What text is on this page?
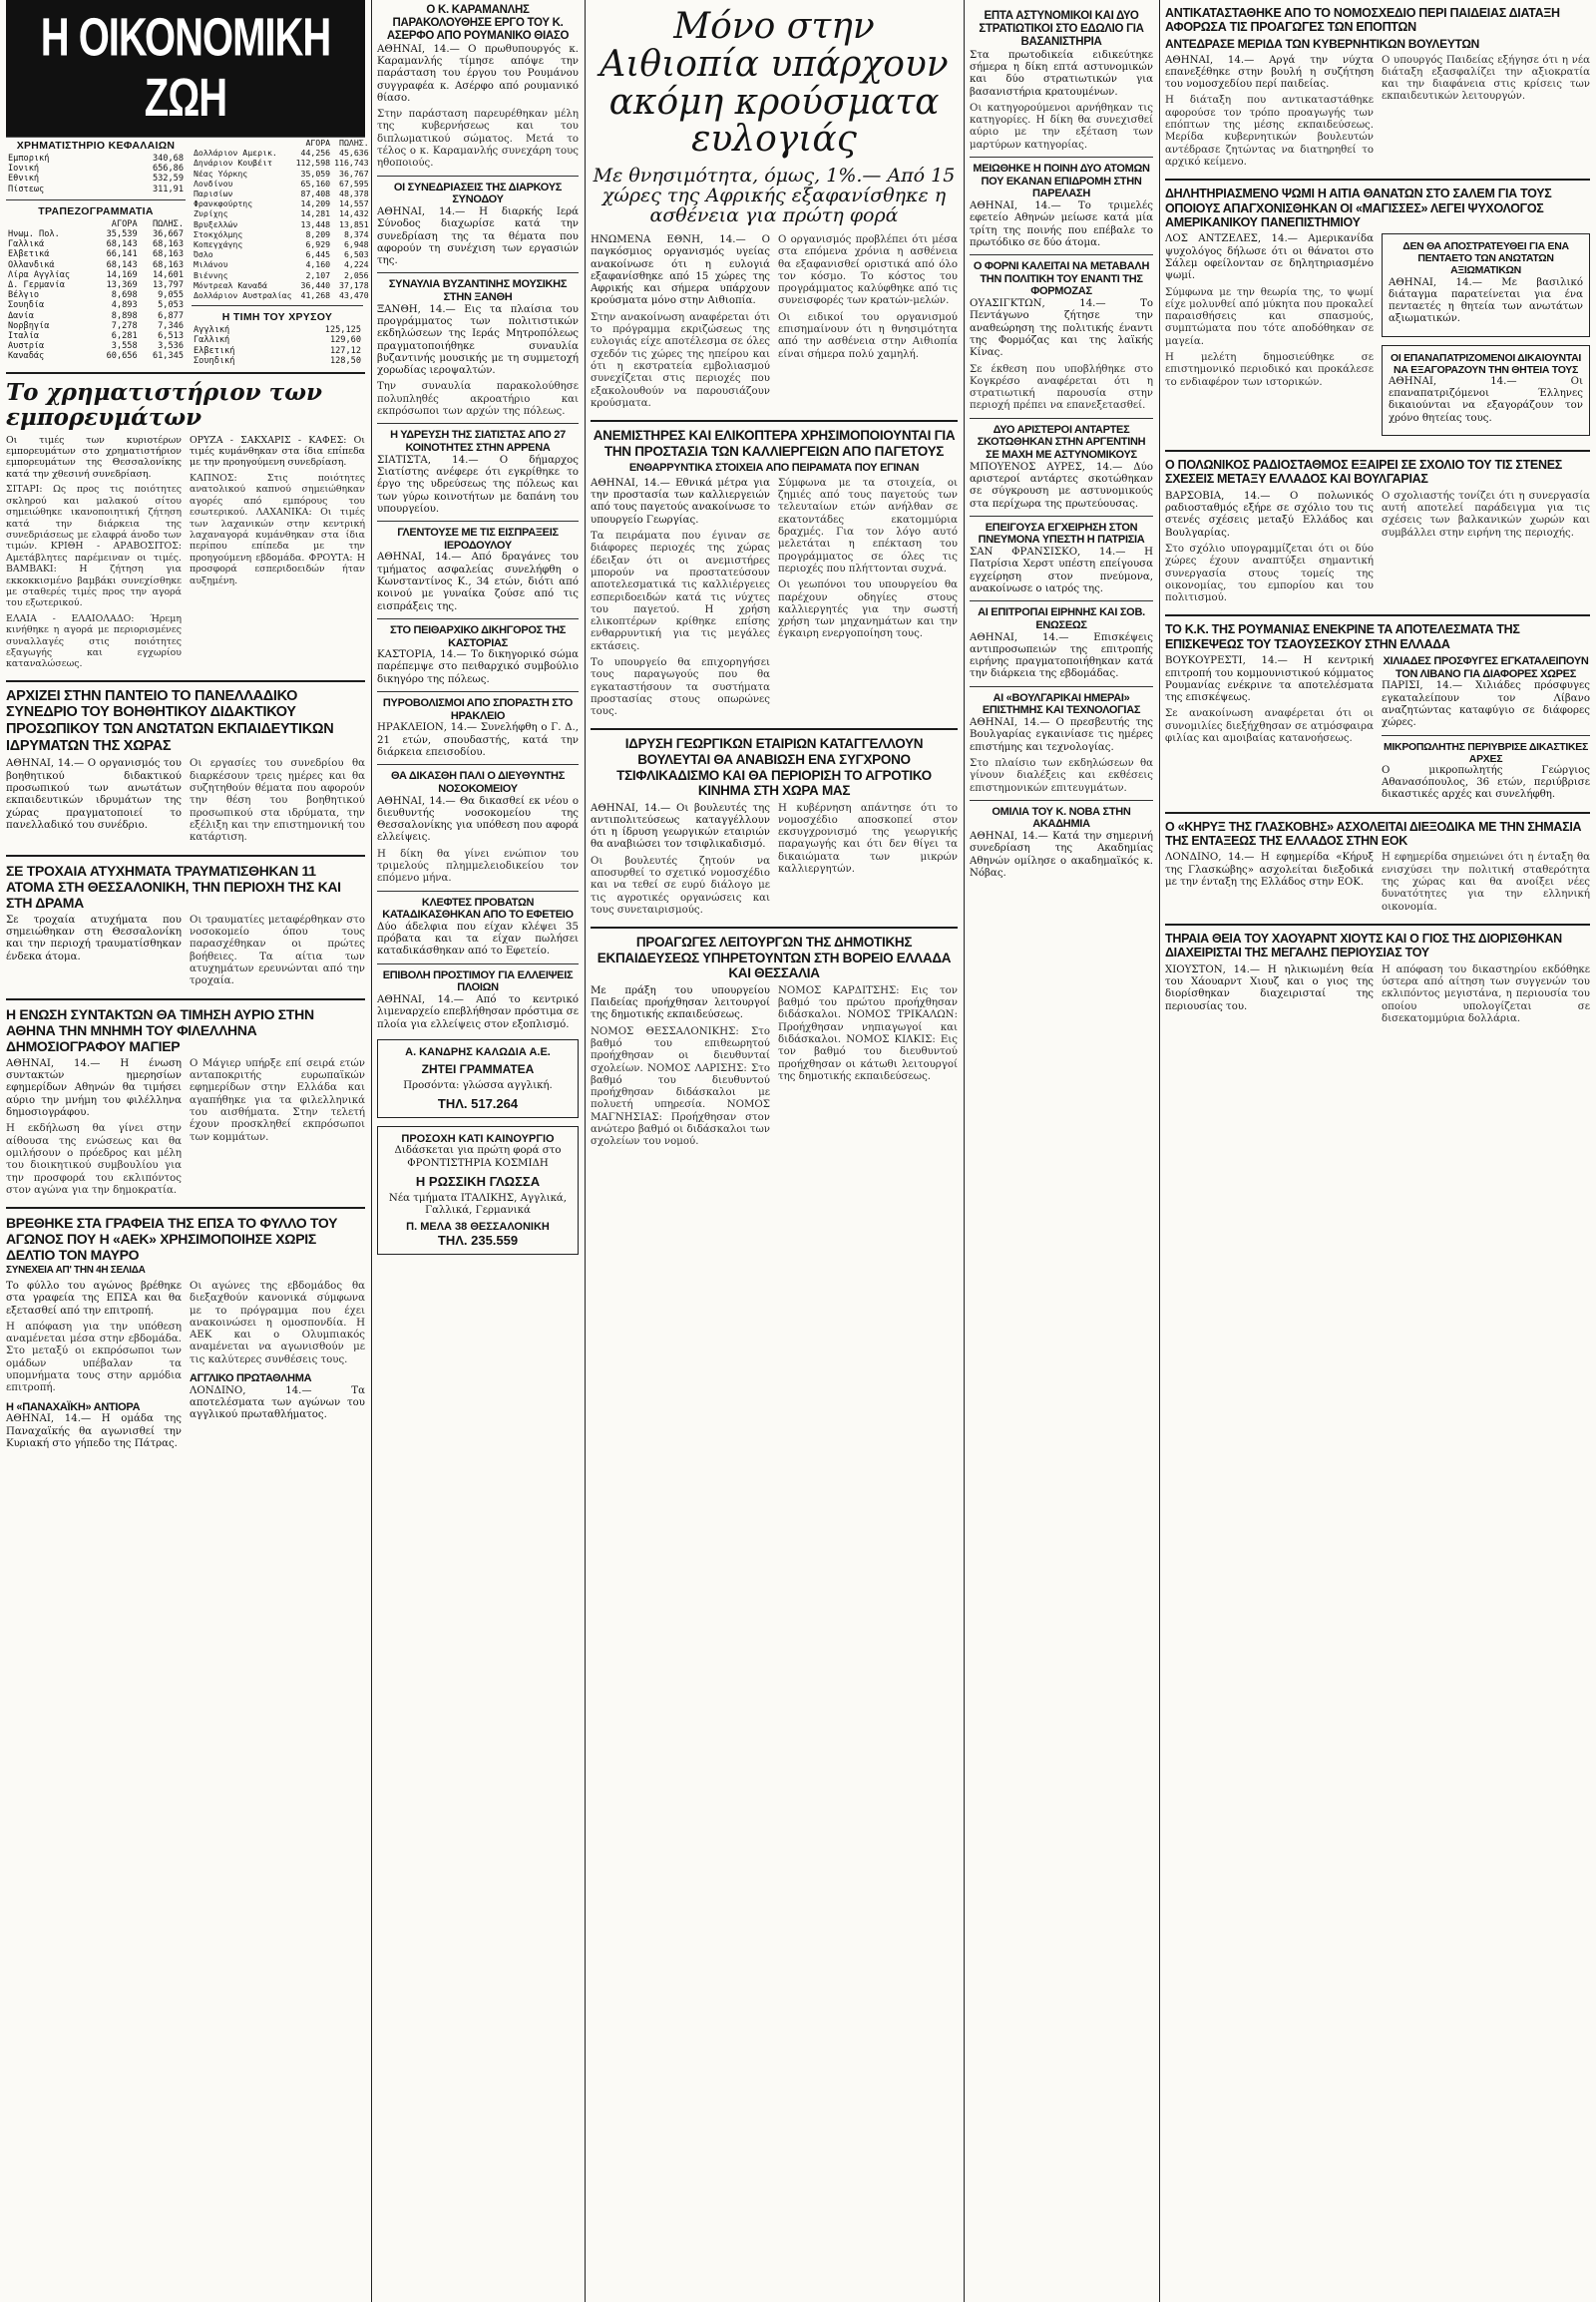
Η ΟΙΚΟΝΟΜΙΚΗ ΖΩΗ
ΧΡΗΜΑΤΙΣΤΗΡΙΟ ΚΕΦΑΛΑΙΩΝ
Εμπορική	340,68
Ιονική	656,86
Εθνική	532,59
Πίστεως	311,91
ΤΡΑΠΕΖΟΓΡΑΜΜΑΤΙΑ
	ΑΓΟΡΑ	ΠΩΛΗΣ.
Ηνωμ. Πολ.	35,539	36,667
Γαλλικά	68,143	68,163
Ελβετικά	66,141	68,163
Ολλανδικά	68,143	68,163
Λίρα Αγγλίας	14,169	14,601
Δ. Γερμανία	13,369	13,797
Βέλγιο	8,698	9,055
Σουηδία	4,893	5,053
Δανία	8,898	6,877
Νορβηγία	7,278	7,346
Ιταλία	6,281	6,513
Αυστρία	3,558	3,536
Καναδάς	60,656	61,345
	ΑΓΟΡΑ	ΠΩΛΗΣ.
Δολλάριον Αμερικ.	44,256	45,636
Δηνάριον Κουβέιτ	112,598	116,743
Νέας Υόρκης	35,059	36,767
Λονδίνου	65,160	67,595
Παρισίων	87,408	48,378
Φρανκφούρτης	14,209	14,557
Ζυρίχης	14,281	14,432
Βρυξελλών	13,448	13,851
Στοκχόλμης	8,209	8,374
Κοπεγχάγης	6,929	6,948
Όσλο	6,445	6,503
Μιλάνου	4,160	4,224
Βιέννης	2,107	2,056
Μόντρεαλ Καναδά	36,440	37,178
Δολλάριον Αυστραλίας	41,268	43,470
Η ΤΙΜΗ ΤΟΥ ΧΡΥΣΟΥ
Αγγλική	125,125
Γαλλική	129,60
Ελβετική	127,12
Σουηδική	128,50
Το χρηματιστήριον των εμπορευμάτων

Οι τιμές των κυριοτέρων εμπορευμάτων στο χρηματιστήριον εμπορευμάτων της Θεσσαλονίκης κατά την χθεσινή συνεδρίαση.

ΣΙΤΑΡΙ: Ως προς τις ποιότητες σκληρού και μαλακού σίτου σημειώθηκε ικανοποιητική ζήτηση κατά την διάρκεια της συνεδριάσεως με ελαφρά άνοδο των τιμών. ΚΡΙΘΗ - ΑΡΑΒΟΣΙΤΟΣ: Αμετάβλητες παρέμειναν οι τιμές. ΒΑΜΒΑΚΙ: Η ζήτηση για εκκοκκισμένο βαμβάκι συνεχίσθηκε με σταθερές τιμές προς την αγορά του εξωτερικού.

ΕΛΑΙΑ - ΕΛΑΙΟΛΑΔΟ: Ήρεμη κινήθηκε η αγορά με περιορισμένες συναλλαγές στις ποιότητες εξαγωγής και εγχωρίου καταναλώσεως.

ΟΡΥΖΑ - ΣΑΚΧΑΡΙΣ - ΚΑΦΕΣ: Οι τιμές κυμάνθηκαν στα ίδια επίπεδα με την προηγούμενη συνεδρίαση.

ΚΑΠΝΟΣ: Στις ποιότητες ανατολικού καπνού σημειώθηκαν αγορές από εμπόρους του εσωτερικού. ΛΑΧΑΝΙΚΑ: Οι τιμές των λαχανικών στην κεντρική λαχαναγορά κυμάνθηκαν στα ίδια περίπου επίπεδα με την προηγούμενη εβδομάδα. ΦΡΟΥΤΑ: Η προσφορά εσπεριδοειδών ήταν αυξημένη.

ΑΡΧΙΖΕΙ ΣΤΗΝ ΠΑΝΤΕΙΟ ΤΟ ΠΑΝΕΛΛΑΔΙΚΟ ΣΥΝΕΔΡΙΟ ΤΟΥ ΒΟΗΘΗΤΙΚΟΥ ΔΙΔΑΚΤΙΚΟΥ ΠΡΟΣΩΠΙΚΟΥ ΤΩΝ ΑΝΩΤΑΤΩΝ ΕΚΠΑΙΔΕΥΤΙΚΩΝ ΙΔΡΥΜΑΤΩΝ ΤΗΣ ΧΩΡΑΣ

ΑΘΗΝΑΙ, 14.— Ο οργανισμός του βοηθητικού διδακτικού προσωπικού των ανωτάτων εκπαιδευτικών ιδρυμάτων της χώρας πραγματοποιεί το πανελλαδικό του συνέδριο.

Οι εργασίες του συνεδρίου θα διαρκέσουν τρεις ημέρες και θα συζητηθούν θέματα που αφορούν την θέση του βοηθητικού προσωπικού στα ιδρύματα, την εξέλιξη και την επιστημονική του κατάρτιση.

ΣΕ ΤΡΟΧΑΙΑ ΑΤΥΧΗΜΑΤΑ ΤΡΑΥΜΑΤΙΣΘΗΚΑΝ 11 ΑΤΟΜΑ ΣΤΗ ΘΕΣΣΑΛΟΝΙΚΗ, ΤΗΝ ΠΕΡΙΟΧΗ ΤΗΣ ΚΑΙ ΣΤΗ ΔΡΑΜΑ

Σε τροχαία ατυχήματα που σημειώθηκαν στη Θεσσαλονίκη και την περιοχή τραυματίσθηκαν ένδεκα άτομα.

Οι τραυματίες μεταφέρθηκαν στο νοσοκομείο όπου τους παρασχέθηκαν οι πρώτες βοήθειες. Τα αίτια των ατυχημάτων ερευνώνται από την τροχαία.

Η ΕΝΩΣΗ ΣΥΝΤΑΚΤΩΝ ΘΑ ΤΙΜΗΣΗ ΑΥΡΙΟ ΣΤΗΝ ΑΘΗΝΑ ΤΗΝ ΜΝΗΜΗ ΤΟΥ ΦΙΛΕΛΛΗΝΑ ΔΗΜΟΣΙΟΓΡΑΦΟΥ ΜΑΓΙΕΡ

ΑΘΗΝΑΙ, 14.— Η ένωση συντακτών ημερησίων εφημερίδων Αθηνών θα τιμήσει αύριο την μνήμη του φιλέλληνα δημοσιογράφου.

Η εκδήλωση θα γίνει στην αίθουσα της ενώσεως και θα ομιλήσουν ο πρόεδρος και μέλη του διοικητικού συμβουλίου για την προσφορά του εκλιπόντος στον αγώνα για την δημοκρατία.

Ο Μάγιερ υπήρξε επί σειρά ετών ανταποκριτής ευρωπαϊκών εφημερίδων στην Ελλάδα και αγαπήθηκε για τα φιλελληνικά του αισθήματα. Στην τελετή έχουν προσκληθεί εκπρόσωποι των κομμάτων.

ΒΡΕΘΗΚΕ ΣΤΑ ΓΡΑΦΕΙΑ ΤΗΣ ΕΠΣΑ ΤΟ ΦΥΛΛΟ ΤΟΥ ΑΓΩΝΟΣ ΠΟΥ Η «ΑΕΚ» ΧΡΗΣΙΜΟΠΟΙΗΣΕ ΧΩΡΙΣ ΔΕΛΤΙΟ ΤΟΝ ΜΑΥΡΟ
ΣΥΝΕΧΕΙΑ ΑΠ' ΤΗΝ 4Η ΣΕΛΙΔΑ

Το φύλλο του αγώνος βρέθηκε στα γραφεία της ΕΠΣΑ και θα εξετασθεί από την επιτροπή.

Η απόφαση για την υπόθεση αναμένεται μέσα στην εβδομάδα. Στο μεταξύ οι εκπρόσωποι των ομάδων υπέβαλαν τα υπομνήματα τους στην αρμόδια επιτροπή.

Η «ΠΑΝΑΧΑΪΚΗ» ΑΝΤΙΟΡΑ

ΑΘΗΝΑΙ, 14.— Η ομάδα της Παναχαϊκής θα αγωνισθεί την Κυριακή στο γήπεδο της Πάτρας.

Οι αγώνες της εβδομάδος θα διεξαχθούν κανονικά σύμφωνα με το πρόγραμμα που έχει ανακοινώσει η ομοσπονδία. Η ΑΕΚ και ο Ολυμπιακός αναμένεται να αγωνισθούν με τις καλύτερες συνθέσεις τους.

ΑΓΓΛΙΚΟ ΠΡΩΤΑΘΛΗΜΑ

ΛΟΝΔΙΝΟ, 14.— Τα αποτελέσματα των αγώνων του αγγλικού πρωταθλήματος.

Ο Κ. ΚΑΡΑΜΑΝΛΗΣ ΠΑΡΑΚΟΛΟΥΘΗΣΕ ΕΡΓΟ ΤΟΥ Κ. ΑΣΕΡΦΟ ΑΠΟ ΡΟΥΜΑΝΙΚΟ ΘΙΑΣΟ

ΑΘΗΝΑΙ, 14.— Ο πρωθυπουργός κ. Καραμανλής τίμησε απόψε την παράσταση του έργου του Ρουμάνου συγγραφέα κ. Ασέρφο από ρουμανικό θίασο.

Στην παράσταση παρευρέθηκαν μέλη της κυβερνήσεως και του διπλωματικού σώματος. Μετά το τέλος ο κ. Καραμανλής συνεχάρη τους ηθοποιούς.

ΟΙ ΣΥΝΕΔΡΙΑΣΕΙΣ ΤΗΣ ΔΙΑΡΚΟΥΣ ΣΥΝΟΔΟΥ

ΑΘΗΝΑΙ, 14.— Η διαρκής Ιερά Σύνοδος διαχωρίσε κατά την συνεδρίαση της τα θέματα που αφορούν τη συνέχιση των εργασιών της.

ΣΥΝΑΥΛΙΑ ΒΥΖΑΝΤΙΝΗΣ ΜΟΥΣΙΚΗΣ ΣΤΗΝ ΞΑΝΘΗ

ΞΑΝΘΗ, 14.— Εις τα πλαίσια του προγράμματος των πολιτιστικών εκδηλώσεων της Ιεράς Μητροπόλεως πραγματοποιήθηκε συναυλία βυζαντινής μουσικής με τη συμμετοχή χορωδίας ιεροψαλτών.

Την συναυλία παρακολούθησε πολυπληθές ακροατήριο και εκπρόσωποι των αρχών της πόλεως.

Η ΥΔΡΕΥΣΗ ΤΗΣ ΣΙΑΤΙΣΤΑΣ ΑΠΟ 27 ΚΟΙΝΟΤΗΤΕΣ ΣΤΗΝ ΑΡΡΕΝΑ

ΣΙΑΤΙΣΤΑ, 14.— Ο δήμαρχος Σιατίστης ανέφερε ότι εγκρίθηκε το έργο της υδρεύσεως της πόλεως και των γύρω κοινοτήτων με δαπάνη του υπουργείου.

ΓΛΕΝΤΟΥΣΕ ΜΕ ΤΙΣ ΕΙΣΠΡΑΞΕΙΣ ΙΕΡΟΔΟΥΛΟΥ

ΑΘΗΝΑΙ, 14.— Από δραγάνες του τμήματος ασφαλείας συνελήφθη ο Κωνσταντίνος Κ., 34 ετών, διότι από κοινού με γυναίκα ζούσε από τις εισπράξεις της.

ΣΤΟ ΠΕΙΘΑΡΧΙΚΟ ΔΙΚΗΓΟΡΟΣ ΤΗΣ ΚΑΣΤΟΡΙΑΣ

ΚΑΣΤΟΡΙΑ, 14.— Το δικηγορικό σώμα παρέπεμψε στο πειθαρχικό συμβούλιο δικηγόρο της πόλεως.

ΠΥΡΟΒΟΛΙΣΜΟΙ ΑΠΟ ΣΠΟΡΑΣΤΗ ΣΤΟ ΗΡΑΚΛΕΙΟ

ΗΡΑΚΛΕΙΟΝ, 14.— Συνελήφθη ο Γ. Δ., 21 ετών, σπουδαστής, κατά την διάρκεια επεισοδίου.

ΘΑ ΔΙΚΑΣΘΗ ΠΑΛΙ Ο ΔΙΕΥΘΥΝΤΗΣ ΝΟΣΟΚΟΜΕΙΟΥ

ΑΘΗΝΑΙ, 14.— Θα δικασθεί εκ νέου ο διευθυντής νοσοκομείου της Θεσσαλονίκης για υπόθεση που αφορά ελλείψεις.

Η δίκη θα γίνει ενώπιον του τριμελούς πλημμελειοδικείου τον επόμενο μήνα.

ΚΛΕΦΤΕΣ ΠΡΟΒΑΤΩΝ ΚΑΤΑΔΙΚΑΣΘΗΚΑΝ ΑΠΟ ΤΟ ΕΦΕΤΕΙΟ

Δύο άδελφια που είχαν κλέψει 35 πρόβατα και τα είχαν πωλήσει καταδικάσθηκαν από το Εφετείο.

ΕΠΙΒΟΛΗ ΠΡΟΣΤΙΜΟΥ ΓΙΑ ΕΛΛΕΙΨΕΙΣ ΠΛΟΙΩΝ

ΑΘΗΝΑΙ, 14.— Από το κεντρικό λιμεναρχείο επεβλήθησαν πρόστιμα σε πλοία για ελλείψεις στον εξοπλισμό.

Α. ΚΑΝΔΡΗΣ ΚΑΛΩΔΙΑ Α.Ε.
ΖΗΤΕΙ ΓΡΑΜΜΑΤΕΑ
Προσόντα: γλώσσα αγγλική.
ΤΗΛ. 517.264
ΠΡΟΣΟΧΗ ΚΑΤΙ ΚΑΙΝΟΥΡΓΙΟ
Διδάσκεται για πρώτη φορά στο ΦΡΟΝΤΙΣΤΗΡΙΑ ΚΟΣΜΙΔΗ
Η ΡΩΣΣΙΚΗ ΓΛΩΣΣΑ
Νέα τμήματα ΙΤΑΛΙΚΗΣ, Αγγλικά, Γαλλικά, Γερμανικά
Π. ΜΕΛΑ 38 ΘΕΣΣΑΛΟΝΙΚΗ
ΤΗΛ. 235.559
Μόνο στην Αιθιοπία υπάρχουν ακόμη κρούσματα ευλογιάς
Με θνησιμότητα, όμως, 1%.— Από 15 χώρες της Αφρικής εξαφανίσθηκε η ασθένεια για πρώτη φορά

ΗΝΩΜΕΝΑ ΕΘΝΗ, 14.— Ο παγκόσμιος οργανισμός υγείας ανακοίνωσε ότι η ευλογιά εξαφανίσθηκε από 15 χώρες της Αφρικής και σήμερα υπάρχουν κρούσματα μόνο στην Αιθιοπία.

Στην ανακοίνωση αναφέρεται ότι το πρόγραμμα εκριζώσεως της ευλογιάς είχε αποτέλεσμα σε όλες σχεδόν τις χώρες της ηπείρου και ότι η εκστρατεία εμβολιασμού συνεχίζεται στις περιοχές που εξακολουθούν να παρουσιάζουν κρούσματα.

Ο οργανισμός προβλέπει ότι μέσα στα επόμενα χρόνια η ασθένεια θα εξαφανισθεί οριστικά από όλο τον κόσμο. Το κόστος του προγράμματος καλύφθηκε από τις συνεισφορές των κρατών-μελών.

Οι ειδικοί του οργανισμού επισημαίνουν ότι η θνησιμότητα από την ασθένεια στην Αιθιοπία είναι σήμερα πολύ χαμηλή.

ΑΝΕΜΙΣΤΗΡΕΣ ΚΑΙ ΕΛΙΚΟΠΤΕΡΑ ΧΡΗΣΙΜΟΠΟΙΟΥΝΤΑΙ ΓΙΑ ΤΗΝ ΠΡΟΣΤΑΣΙΑ ΤΩΝ ΚΑΛΛΙΕΡΓΕΙΩΝ ΑΠΟ ΠΑΓΕΤΟΥΣ
ΕΝΘΑΡΡΥΝΤΙΚΑ ΣΤΟΙΧΕΙΑ ΑΠΟ ΠΕΙΡΑΜΑΤΑ ΠΟΥ ΕΓΙΝΑΝ

ΑΘΗΝΑΙ, 14.— Εθνικά μέτρα για την προστασία των καλλιεργειών από τους παγετούς ανακοίνωσε το υπουργείο Γεωργίας.

Τα πειράματα που έγιναν σε διάφορες περιοχές της χώρας έδειξαν ότι οι ανεμιστήρες μπορούν να προστατεύσουν αποτελεσματικά τις καλλιέργειες εσπεριδοειδών κατά τις νύχτες του παγετού. Η χρήση ελικοπτέρων κρίθηκε επίσης ενθαρρυντική για τις μεγάλες εκτάσεις.

Το υπουργείο θα επιχορηγήσει τους παραγωγούς που θα εγκαταστήσουν τα συστήματα προστασίας στους οπωρώνες τους.

Σύμφωνα με τα στοιχεία, οι ζημιές από τους παγετούς των τελευταίων ετών ανήλθαν σε εκατοντάδες εκατομμύρια δραχμές. Για τον λόγο αυτό μελετάται η επέκταση του προγράμματος σε όλες τις περιοχές που πλήττονται συχνά.

Οι γεωπόνοι του υπουργείου θα παρέχουν οδηγίες στους καλλιεργητές για την σωστή χρήση των μηχανημάτων και την έγκαιρη ενεργοποίηση τους.

ΙΔΡΥΣΗ ΓΕΩΡΓΙΚΩΝ ΕΤΑΙΡΙΩΝ ΚΑΤΑΓΓΕΛΛΟΥΝ ΒΟΥΛΕΥΤΑΙ ΘΑ ΑΝΑΒΙΩΣΗ ΕΝΑ ΣΥΓΧΡΟΝΟ ΤΣΙΦΛΙΚΑΔΙΣΜΟ ΚΑΙ ΘΑ ΠΕΡΙΟΡΙΣΗ ΤΟ ΑΓΡΟΤΙΚΟ ΚΙΝΗΜΑ ΣΤΗ ΧΩΡΑ ΜΑΣ

ΑΘΗΝΑΙ, 14.— Οι βουλευτές της αντιπολιτεύσεως καταγγέλλουν ότι η ίδρυση γεωργικών εταιριών θα αναβιώσει τον τσιφλικαδισμό.

Οι βουλευτές ζητούν να αποσυρθεί το σχετικό νομοσχέδιο και να τεθεί σε ευρύ διάλογο με τις αγροτικές οργανώσεις και τους συνεταιρισμούς.

Η κυβέρνηση απάντησε ότι το νομοσχέδιο αποσκοπεί στον εκσυγχρονισμό της γεωργικής παραγωγής και ότι δεν θίγει τα δικαιώματα των μικρών καλλιεργητών.

ΠΡΟΑΓΩΓΕΣ ΛΕΙΤΟΥΡΓΩΝ ΤΗΣ ΔΗΜΟΤΙΚΗΣ ΕΚΠΑΙΔΕΥΣΕΩΣ ΥΠΗΡΕΤΟΥΝΤΩΝ ΣΤΗ ΒΟΡΕΙΟ ΕΛΛΑΔΑ ΚΑΙ ΘΕΣΣΑΛΙΑ

Με πράξη του υπουργείου Παιδείας προήχθησαν λειτουργοί της δημοτικής εκπαιδεύσεως.

ΝΟΜΟΣ ΘΕΣΣΑΛΟΝΙΚΗΣ: Στο βαθμό του επιθεωρητού προήχθησαν οι διευθυνταί σχολείων. ΝΟΜΟΣ ΛΑΡΙΣΗΣ: Στο βαθμό του διευθυντού προήχθησαν διδάσκαλοι με πολυετή υπηρεσία. ΝΟΜΟΣ ΜΑΓΝΗΣΙΑΣ: Προήχθησαν στον ανώτερο βαθμό οι διδάσκαλοι των σχολείων του νομού.

ΝΟΜΟΣ ΚΑΡΔΙΤΣΗΣ: Εις τον βαθμό του πρώτου προήχθησαν διδάσκαλοι. ΝΟΜΟΣ ΤΡΙΚΑΛΩΝ: Προήχθησαν νηπιαγωγοί και διδάσκαλοι. ΝΟΜΟΣ ΚΙΛΚΙΣ: Εις τον βαθμό του διευθυντού προήχθησαν οι κάτωθι λειτουργοί της δημοτικής εκπαιδεύσεως.

ΕΠΤΑ ΑΣΤΥΝΟΜΙΚΟΙ ΚΑΙ ΔΥΟ ΣΤΡΑΤΙΩΤΙΚΟΙ ΣΤΟ ΕΔΩΛΙΟ ΓΙΑ ΒΑΣΑΝΙΣΤΗΡΙΑ

Στα πρωτοδικεία ειδικεύτηκε σήμερα η δίκη επτά αστυνομικών και δύο στρατιωτικών για βασανιστήρια κρατουμένων.

Οι κατηγορούμενοι αρνήθηκαν τις κατηγορίες. Η δίκη θα συνεχισθεί αύριο με την εξέταση των μαρτύρων κατηγορίας.

ΜΕΙΩΘΗΚΕ Η ΠΟΙΝΗ ΔΥΟ ΑΤΟΜΩΝ ΠΟΥ ΕΚΑΝΑΝ ΕΠΙΔΡΟΜΗ ΣΤΗΝ ΠΑΡΕΛΑΣΗ

ΑΘΗΝΑΙ, 14.— Το τριμελές εφετείο Αθηνών μείωσε κατά μία τρίτη της ποινής που επέβαλε το πρωτόδικο σε δύο άτομα.

Ο ΦΟΡΝΙ ΚΑΛΕΙΤΑΙ ΝΑ ΜΕΤΑΒΑΛΗ ΤΗΝ ΠΟΛΙΤΙΚΗ ΤΟΥ ΕΝΑΝΤΙ ΤΗΣ ΦΟΡΜΟΖΑΣ

ΟΥΑΣΙΓΚΤΩΝ, 14.— Το Πεντάγωνο ζήτησε την αναθεώρηση της πολιτικής έναντι της Φορμόζας και της λαϊκής Κίνας.

Σε έκθεση που υποβλήθηκε στο Κογκρέσο αναφέρεται ότι η στρατιωτική παρουσία στην περιοχή πρέπει να επανεξετασθεί.

ΔΥΟ ΑΡΙΣΤΕΡΟΙ ΑΝΤΑΡΤΕΣ ΣΚΟΤΩΘΗΚΑΝ ΣΤΗΝ ΑΡΓΕΝΤΙΝΗ ΣΕ ΜΑΧΗ ΜΕ ΑΣΤΥΝΟΜΙΚΟΥΣ

ΜΠΟΥΕΝΟΣ ΑΥΡΕΣ, 14.— Δύο αριστεροί αντάρτες σκοτώθηκαν σε σύγκρουση με αστυνομικούς στα περίχωρα της πρωτεύουσας.

ΕΠΕΙΓΟΥΣΑ ΕΓΧΕΙΡΗΣΗ ΣΤΟΝ ΠΝΕΥΜΟΝΑ ΥΠΕΣΤΗ Η ΠΑΤΡΙΣΙΑ

ΣΑΝ ΦΡΑΝΣΙΣΚΟ, 14.— Η Πατρίσια Χερστ υπέστη επείγουσα εγχείρηση στον πνεύμονα, ανακοίνωσε ο ιατρός της.

ΑΙ ΕΠΙΤΡΟΠΑΙ ΕΙΡΗΝΗΣ ΚΑΙ ΣΟΒ. ΕΝΩΣΕΩΣ

ΑΘΗΝΑΙ, 14.— Επισκέψεις αντιπροσωπειών της επιτροπής ειρήνης πραγματοποιήθηκαν κατά την διάρκεια της εβδομάδας.

ΑΙ «ΒΟΥΛΓΑΡΙΚΑΙ ΗΜΕΡΑΙ» ΕΠΙΣΤΗΜΗΣ ΚΑΙ ΤΕΧΝΟΛΟΓΙΑΣ

ΑΘΗΝΑΙ, 14.— Ο πρεσβευτής της Βουλγαρίας εγκαινίασε τις ημέρες επιστήμης και τεχνολογίας.

Στο πλαίσιο των εκδηλώσεων θα γίνουν διαλέξεις και εκθέσεις επιστημονικών επιτευγμάτων.

ΟΜΙΛΙΑ ΤΟΥ Κ. ΝΟΒΑ ΣΤΗΝ ΑΚΑΔΗΜΙΑ

ΑΘΗΝΑΙ, 14.— Κατά την σημερινή συνεδρίαση της Ακαδημίας Αθηνών ομίλησε ο ακαδημαϊκός κ. Νόβας.

ΑΝΤΙΚΑΤΑΣΤΑΘΗΚΕ ΑΠΟ ΤΟ ΝΟΜΟΣΧΕΔΙΟ ΠΕΡΙ ΠΑΙΔΕΙΑΣ ΔΙΑΤΑΞΗ ΑΦΟΡΩΣΑ ΤΙΣ ΠΡΟΑΓΩΓΕΣ ΤΩΝ ΕΠΟΠΤΩΝ
ΑΝΤΕΔΡΑΣΕ ΜΕΡΙΔΑ ΤΩΝ ΚΥΒΕΡΝΗΤΙΚΩΝ ΒΟΥΛΕΥΤΩΝ

ΑΘΗΝΑΙ, 14.— Αργά την νύχτα επανεξέθηκε στην βουλή η συζήτηση του νομοσχεδίου περί παιδείας.

Η διάταξη που αντικαταστάθηκε αφορούσε τον τρόπο προαγωγής των επόπτων της μέσης εκπαιδεύσεως. Μερίδα κυβερνητικών βουλευτών αντέδρασε ζητώντας να διατηρηθεί το αρχικό κείμενο.

Ο υπουργός Παιδείας εξήγησε ότι η νέα διάταξη εξασφαλίζει την αξιοκρατία και την διαφάνεια στις κρίσεις των εκπαιδευτικών λειτουργών.

ΔΗΛΗΤΗΡΙΑΣΜΕΝΟ ΨΩΜΙ Η ΑΙΤΙΑ ΘΑΝΑΤΩΝ ΣΤΟ ΣΑΛΕΜ ΓΙΑ ΤΟΥΣ ΟΠΟΙΟΥΣ ΑΠΑΓΧΟΝΙΣΘΗΚΑΝ ΟΙ «ΜΑΓΙΣΣΕΣ» ΛΕΓΕΙ ΨΥΧΟΛΟΓΟΣ ΑΜΕΡΙΚΑΝΙΚΟΥ ΠΑΝΕΠΙΣΤΗΜΙΟΥ

ΛΟΣ ΑΝΤΖΕΛΕΣ, 14.— Αμερικανίδα ψυχολόγος δήλωσε ότι οι θάνατοι στο Σάλεμ οφείλονταν σε δηλητηριασμένο ψωμί.

Σύμφωνα με την θεωρία της, το ψωμί είχε μολυνθεί από μύκητα που προκαλεί παραισθήσεις και σπασμούς, συμπτώματα που τότε αποδόθηκαν σε μαγεία.

Η μελέτη δημοσιεύθηκε σε επιστημονικό περιοδικό και προκάλεσε το ενδιαφέρον των ιστορικών.

ΔΕΝ ΘΑ ΑΠΟΣΤΡΑΤΕΥΘΕΙ ΓΙΑ ΕΝΑ ΠΕΝΤΑΕΤΟ ΤΩΝ ΑΝΩΤΑΤΩΝ ΑΞΙΩΜΑΤΙΚΩΝ

ΑΘΗΝΑΙ, 14.— Με βασιλικό διάταγμα παρατείνεται για ένα πενταετές η θητεία των ανωτάτων αξιωματικών.

ΟΙ ΕΠΑΝΑΠΑΤΡΙΖΟΜΕΝΟΙ ΔΙΚΑΙΟΥΝΤΑΙ ΝΑ ΕΞΑΓΟΡΑΖΟΥΝ ΤΗΝ ΘΗΤΕΙΑ ΤΟΥΣ

ΑΘΗΝΑΙ, 14.— Οι επαναπατριζόμενοι Έλληνες δικαιούνται να εξαγοράζουν τον χρόνο θητείας τους.

Ο ΠΟΛΩΝΙΚΟΣ ΡΑΔΙΟΣΤΑΘΜΟΣ ΕΞΑΙΡΕΙ ΣΕ ΣΧΟΛΙΟ ΤΟΥ ΤΙΣ ΣΤΕΝΕΣ ΣΧΕΣΕΙΣ ΜΕΤΑΞΥ ΕΛΛΑΔΟΣ ΚΑΙ ΒΟΥΛΓΑΡΙΑΣ

ΒΑΡΣΟΒΙΑ, 14.— Ο πολωνικός ραδιοσταθμός εξήρε σε σχόλιο του τις στενές σχέσεις μεταξύ Ελλάδος και Βουλγαρίας.

Στο σχόλιο υπογραμμίζεται ότι οι δύο χώρες έχουν αναπτύξει σημαντική συνεργασία στους τομείς της οικονομίας, του εμπορίου και του πολιτισμού.

Ο σχολιαστής τονίζει ότι η συνεργασία αυτή αποτελεί παράδειγμα για τις σχέσεις των βαλκανικών χωρών και συμβάλλει στην ειρήνη της περιοχής.

ΤΟ Κ.Κ. ΤΗΣ ΡΟΥΜΑΝΙΑΣ ΕΝΕΚΡΙΝΕ ΤΑ ΑΠΟΤΕΛΕΣΜΑΤΑ ΤΗΣ ΕΠΙΣΚΕΨΕΩΣ ΤΟΥ ΤΣΑΟΥΣΕΣΚΟΥ ΣΤΗΝ ΕΛΛΑΔΑ

ΒΟΥΚΟΥΡΕΣΤΙ, 14.— Η κεντρική επιτροπή του κομμουνιστικού κόμματος Ρουμανίας ενέκρινε τα αποτελέσματα της επισκέψεως.

Σε ανακοίνωση αναφέρεται ότι οι συνομιλίες διεξήχθησαν σε ατμόσφαιρα φιλίας και αμοιβαίας κατανοήσεως.

ΧΙΛΙΑΔΕΣ ΠΡΟΣΦΥΓΕΣ ΕΓΚΑΤΑΛΕΙΠΟΥΝ ΤΟΝ ΛΙΒΑΝΟ ΓΙΑ ΔΙΑΦΟΡΕΣ ΧΩΡΕΣ

ΠΑΡΙΣΙ, 14.— Χιλιάδες πρόσφυγες εγκαταλείπουν τον Λίβανο αναζητώντας καταφύγιο σε διάφορες χώρες.

ΜΙΚΡΟΠΩΛΗΤΗΣ ΠΕΡΙΥΒΡΙΣΕ ΔΙΚΑΣΤΙΚΕΣ ΑΡΧΕΣ

Ο μικροπωλητής Γεώργιος Αθανασόπουλος, 36 ετών, περιύβρισε δικαστικές αρχές και συνελήφθη.

Ο «ΚΗΡΥΞ ΤΗΣ ΓΛΑΣΚΟΒΗΣ» ΑΣΧΟΛΕΙΤΑΙ ΔΙΕΞΟΔΙΚΑ ΜΕ ΤΗΝ ΣΗΜΑΣΙΑ ΤΗΣ ΕΝΤΑΞΕΩΣ ΤΗΣ ΕΛΛΑΔΟΣ ΣΤΗΝ ΕΟΚ

ΛΟΝΔΙΝΟ, 14.— Η εφημερίδα «Κήρυξ της Γλασκώβης» ασχολείται διεξοδικά με την ένταξη της Ελλάδος στην ΕΟΚ.

Η εφημερίδα σημειώνει ότι η ένταξη θα ενισχύσει την πολιτική σταθερότητα της χώρας και θα ανοίξει νέες δυνατότητες για την ελληνική οικονομία.

ΤΗΡΑΙΑ ΘΕΙΑ ΤΟΥ ΧΑΟΥΑΡΝΤ ΧΙΟΥΤΣ ΚΑΙ Ο ΓΙΟΣ ΤΗΣ ΔΙΟΡΙΣΘΗΚΑΝ ΔΙΑΧΕΙΡΙΣΤΑΙ ΤΗΣ ΜΕΓΑΛΗΣ ΠΕΡΙΟΥΣΙΑΣ ΤΟΥ

ΧΙΟΥΣΤΟΝ, 14.— Η ηλικιωμένη θεία του Χάουαρντ Χιουζ και ο γιος της διορίσθηκαν διαχειρισταί της περιουσίας του.

Η απόφαση του δικαστηρίου εκδόθηκε ύστερα από αίτηση των συγγενών του εκλιπόντος μεγιστάνα, η περιουσία του οποίου υπολογίζεται σε δισεκατομμύρια δολλάρια.
